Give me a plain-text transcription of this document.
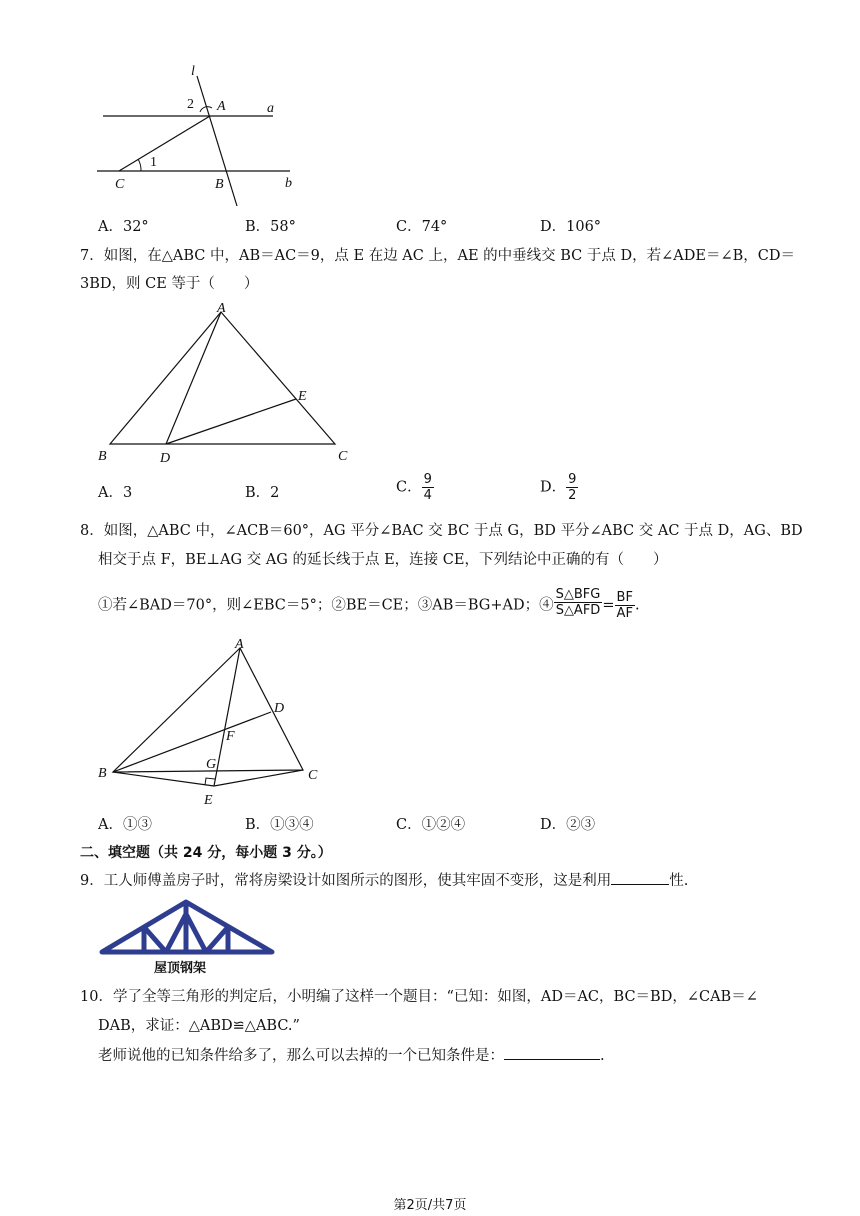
l
a
b
A
B
C
1
2
A．32°	B．58°	C．74°	D．106°
7．如图，在△ABC 中，AB＝AC＝9，点 E 在边 AC 上，AE 的中垂线交 BC 于点 D，若∠ADE＝∠B，CD＝
3BD，则 CE 等于（　　）
A
B	C
D
E
A．3	B．2	C． $\frac{9}{4}$	D． $\frac{9}{2}$
8．如图，△ABC 中，∠ACB＝60°，AG 平分∠BAC 交 BC 于点 G，BD 平分∠ABC 交 AC 于点 D，AG、BD
相交于点 F，BE⊥AG 交 AG 的延长线于点 E，连接 CE，下列结论中正确的有（　　）
①若∠BAD＝70°，则∠EBC＝5°；②BE＝CE；③AB＝BG+AD；④ $\frac{\text{S△BFG}}{\text{S△AFD}} = \frac{BF}{AF}$ .
A
B	C
D
E
F
G
A．①③	B．①③④	C．①②④	D．②③
二、填空题（共 24 分，每小题 3 分。）
9．工人师傅盖房子时，常将房梁设计如图所示的图形，使其牢固不变形，这是利用	性.
屋顶钢架
10．学了全等三角形的判定后，小明编了这样一个题目：“已知：如图，AD＝AC，BC＝BD，∠CAB＝∠
DAB，求证：△ABD≌△ABC.”
老师说他的已知条件给多了，那么可以去掉的一个已知条件是：	.
第2页/共7页
